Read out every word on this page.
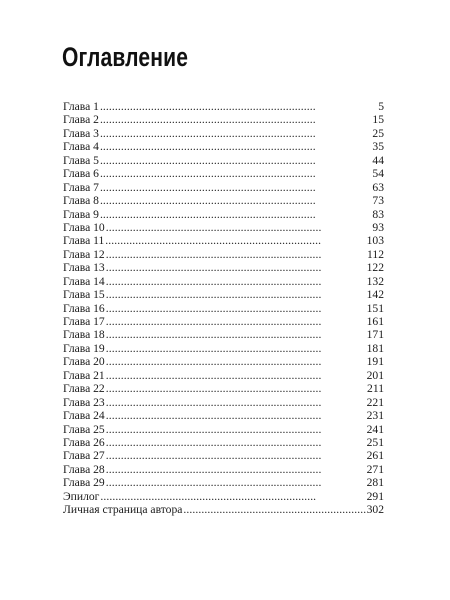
Оглавление
Глава 1 . . .	5
Глава 2 . . .	15
Глава 3 . . .	25
Глава 4 . . .	35
Глава 5 . . .	44
Глава 6 . . .	54
Глава 7 . . .	63
Глава 8 . . .	73
Глава 9 . . .	83
Глава 10 . . .	93
Глава 11 . . .	103
Глава 12 . . .	112
Глава 13 . . .	122
Глава 14 . . .	132
Глава 15 . . .	142
Глава 16 . . .	151
Глава 17 . . .	161
Глава 18 . . .	171
Глава 19 . . .	181
Глава 20 . . .	191
Глава 21 . . .	201
Глава 22 . . .	211
Глава 23 . . .	221
Глава 24 . . .	231
Глава 25 . . .	241
Глава 26 . . .	251
Глава 27 . . .	261
Глава 28 . . .	271
Глава 29 . . .	281
Эпилог . . .	291
Личная страница автора . . .	302
